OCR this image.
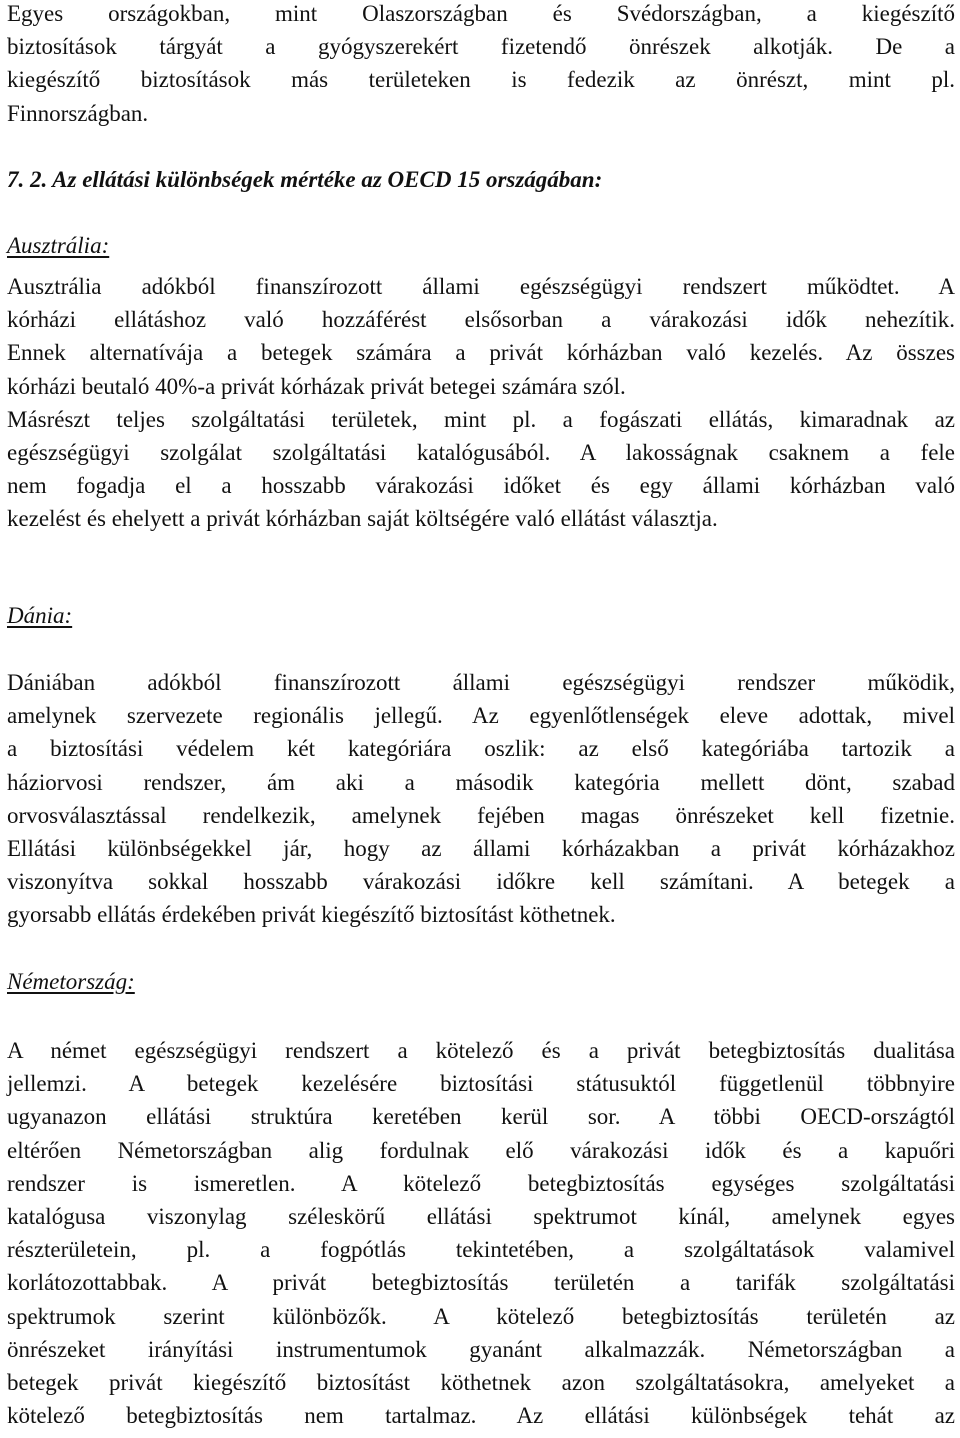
Egyes országokban, mint Olaszországban és Svédországban, a kiegészítő
biztosítások tárgyát a gyógyszerekért fizetendő önrészek alkotják. De a
kiegészítő biztosítások más területeken is fedezik az önrészt, mint pl.
Finnországban.
7. 2. Az ellátási különbségek mértéke az OECD 15 országában:
Ausztrália:
Ausztrália adókból finanszírozott állami egészségügyi rendszert működtet. A
kórházi ellátáshoz való hozzáférést elsősorban a várakozási idők nehezítik.
Ennek alternatívája a betegek számára a privát kórházban való kezelés. Az összes
kórházi beutaló 40%-a privát kórházak privát betegei számára szól.
Másrészt teljes szolgáltatási területek, mint pl. a fogászati ellátás, kimaradnak az
egészségügyi szolgálat szolgáltatási katalógusából. A lakosságnak csaknem a fele
nem fogadja el a hosszabb várakozási időket és egy állami kórházban való
kezelést és ehelyett a privát kórházban saját költségére való ellátást választja.
Dánia:
Dániában adókból finanszírozott állami egészségügyi rendszer működik,
amelynek szervezete regionális jellegű. Az egyenlőtlenségek eleve adottak, mivel
a biztosítási védelem két kategóriára oszlik: az első kategóriába tartozik a
háziorvosi rendszer, ám aki a második kategória mellett dönt, szabad
orvosválasztással rendelkezik, amelynek fejében magas önrészeket kell fizetnie.
Ellátási különbségekkel jár, hogy az állami kórházakban a privát kórházakhoz
viszonyítva sokkal hosszabb várakozási időkre kell számítani. A betegek a
gyorsabb ellátás érdekében privát kiegészítő biztosítást köthetnek.
Németország:
A német egészségügyi rendszert a kötelező és a privát betegbiztosítás dualitása
jellemzi. A betegek kezelésére biztosítási státusuktól függetlenül többnyire
ugyanazon ellátási struktúra keretében kerül sor. A többi OECD-országtól
eltérően Németországban alig fordulnak elő várakozási idők és a kapuőri
rendszer is ismeretlen. A kötelező betegbiztosítás egységes szolgáltatási
katalógusa viszonylag széleskörű ellátási spektrumot kínál, amelynek egyes
részterületein, pl. a fogpótlás tekintetében, a szolgáltatások valamivel
korlátozottabbak. A privát betegbiztosítás területén a tarifák szolgáltatási
spektrumok szerint különbözők. A kötelező betegbiztosítás területén az
önrészeket irányítási instrumentumok gyanánt alkalmazzák. Németországban a
betegek privát kiegészítő biztosítást köthetnek azon szolgáltatásokra, amelyeket a
kötelező betegbiztosítás nem tartalmaz. Az ellátási különbségek tehát az
